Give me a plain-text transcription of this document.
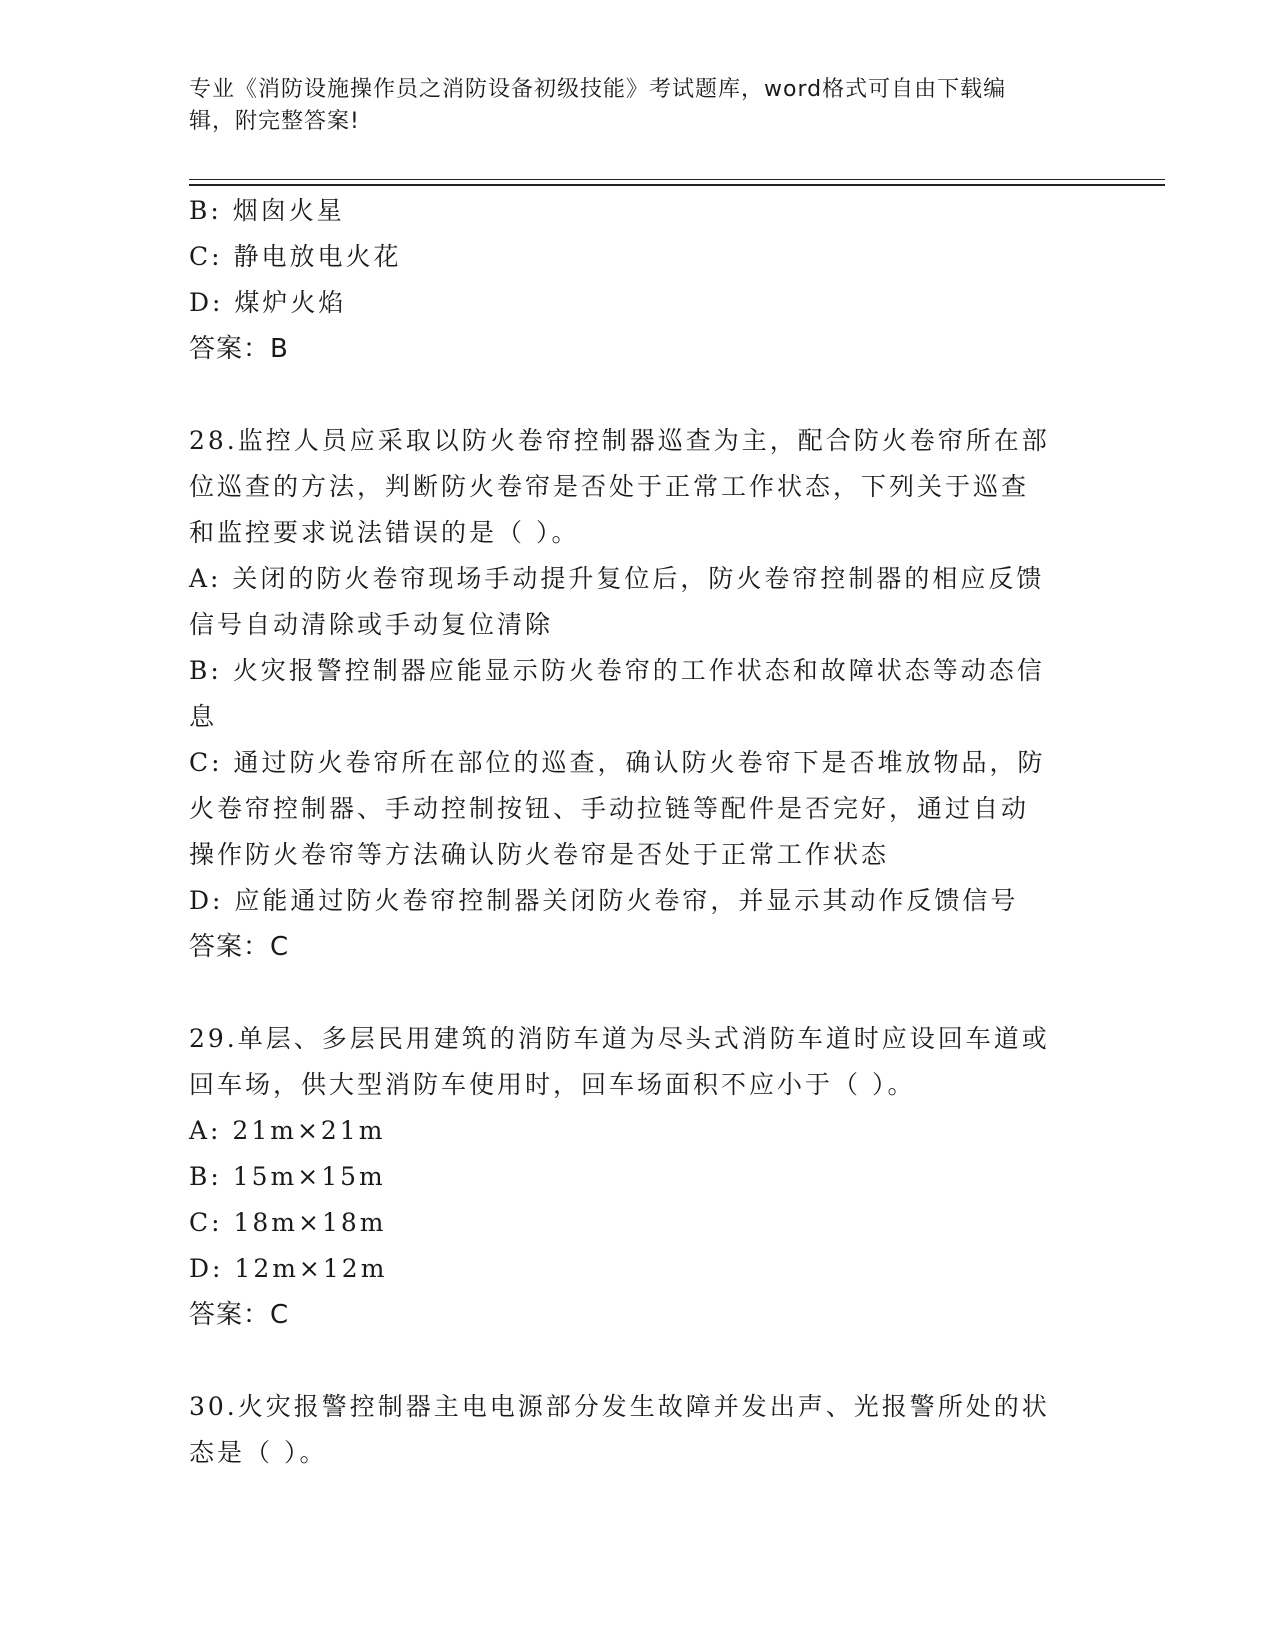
专业《消防设施操作员之消防设备初级技能》考试题库，word格式可自由下载编
辑，附完整答案!
B: 烟囱火星
C: 静电放电火花
D: 煤炉火焰
答案：B
28.监控人员应采取以防火卷帘控制器巡查为主，配合防火卷帘所在部
位巡查的方法，判断防火卷帘是否处于正常工作状态，下列关于巡查
和监控要求说法错误的是（ ）。
A: 关闭的防火卷帘现场手动提升复位后，防火卷帘控制器的相应反馈
信号自动清除或手动复位清除
B: 火灾报警控制器应能显示防火卷帘的工作状态和故障状态等动态信
息
C: 通过防火卷帘所在部位的巡查，确认防火卷帘下是否堆放物品，防
火卷帘控制器、手动控制按钮、手动拉链等配件是否完好，通过自动
操作防火卷帘等方法确认防火卷帘是否处于正常工作状态
D: 应能通过防火卷帘控制器关闭防火卷帘，并显示其动作反馈信号
答案：C
29.单层、多层民用建筑的消防车道为尽头式消防车道时应设回车道或
回车场，供大型消防车使用时，回车场面积不应小于（ ）。
A: 21m×21m
B: 15m×15m
C: 18m×18m
D: 12m×12m
答案：C
30.火灾报警控制器主电电源部分发生故障并发出声、光报警所处的状
态是（ ）。
